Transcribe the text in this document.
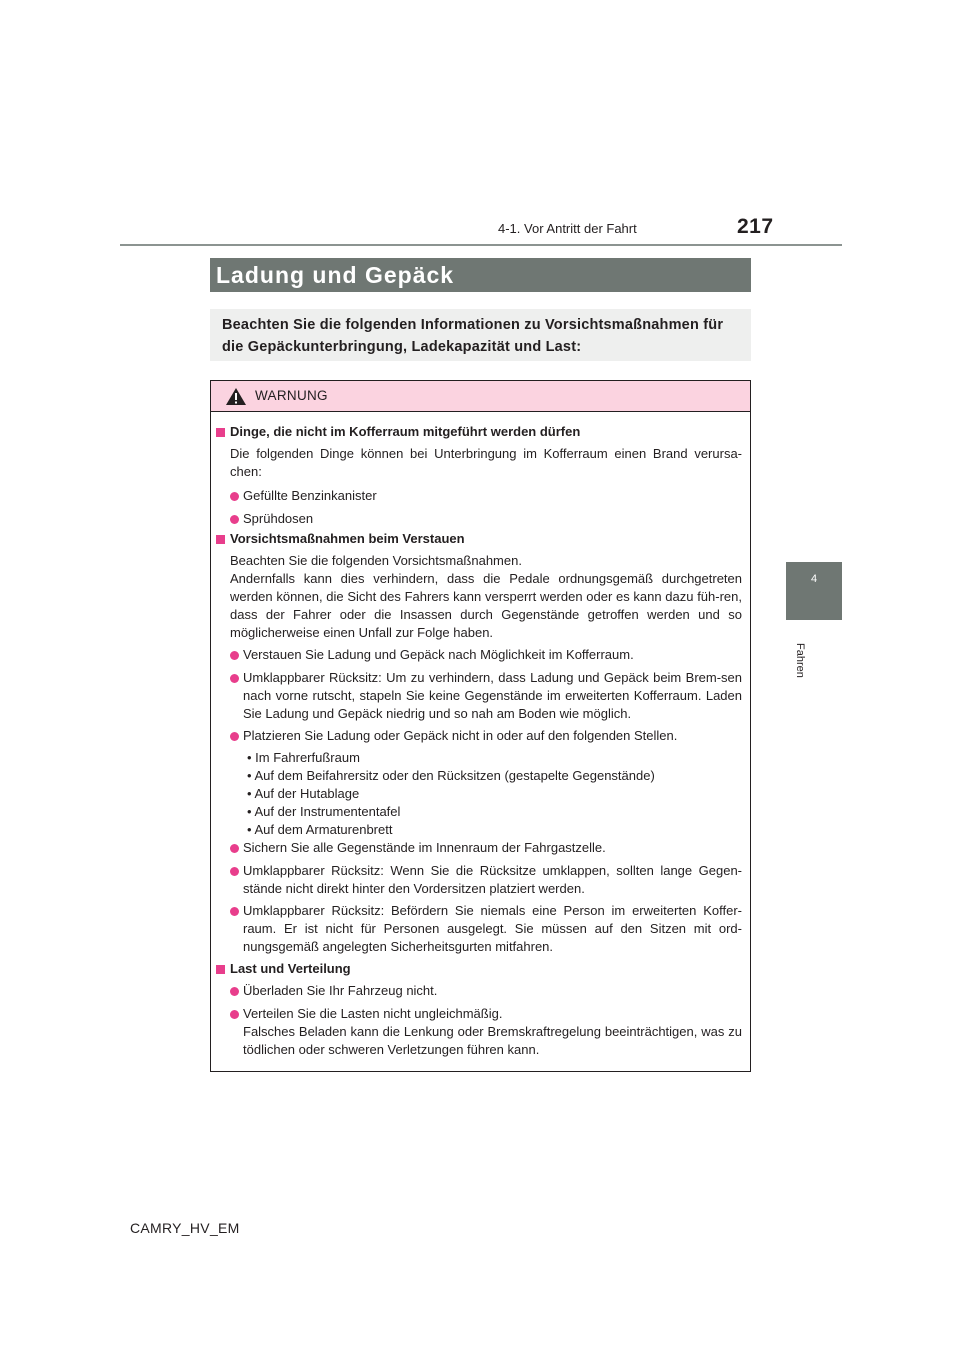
217
4-1. Vor Antritt der Fahrt
4
Fahren
Ladung und Gepäck
Beachten Sie die folgenden Informationen zu Vorsichtsmaßnahmen für die Gepäckunterbringung, Ladekapazität und Last:
WARNUNG
Dinge, die nicht im Kofferraum mitgeführt werden dürfen
Die folgenden Dinge können bei Unterbringung im Kofferraum einen Brand verursa-chen:
Gefüllte Benzinkanister
Sprühdosen
Vorsichtsmaßnahmen beim Verstauen
Beachten Sie die folgenden Vorsichtsmaßnahmen.
Andernfalls kann dies verhindern, dass die Pedale ordnungsgemäß durchgetreten werden können, die Sicht des Fahrers kann versperrt werden oder es kann dazu füh-ren, dass der Fahrer oder die Insassen durch Gegenstände getroffen werden und so möglicherweise einen Unfall zur Folge haben.
Verstauen Sie Ladung und Gepäck nach Möglichkeit im Kofferraum.
Umklappbarer Rücksitz: Um zu verhindern, dass Ladung und Gepäck beim Brem-sen nach vorne rutscht, stapeln Sie keine Gegenstände im erweiterten Kofferraum. Laden Sie Ladung und Gepäck niedrig und so nah am Boden wie möglich.
Platzieren Sie Ladung oder Gepäck nicht in oder auf den folgenden Stellen.
• Im Fahrerfußraum
• Auf dem Beifahrersitz oder den Rücksitzen (gestapelte Gegenstände)
• Auf der Hutablage
• Auf der Instrumententafel
• Auf dem Armaturenbrett
Sichern Sie alle Gegenstände im Innenraum der Fahrgastzelle.
Umklappbarer Rücksitz: Wenn Sie die Rücksitze umklappen, sollten lange Gegen-stände nicht direkt hinter den Vordersitzen platziert werden.
Umklappbarer Rücksitz: Befördern Sie niemals eine Person im erweiterten Koffer-raum. Er ist nicht für Personen ausgelegt. Sie müssen auf den Sitzen mit ord-nungsgemäß angelegten Sicherheitsgurten mitfahren.
Last und Verteilung
Überladen Sie Ihr Fahrzeug nicht.
Verteilen Sie die Lasten nicht ungleichmäßig.
Falsches Beladen kann die Lenkung oder Bremskraftregelung beeinträchtigen, was zu tödlichen oder schweren Verletzungen führen kann.
CAMRY_HV_EM
